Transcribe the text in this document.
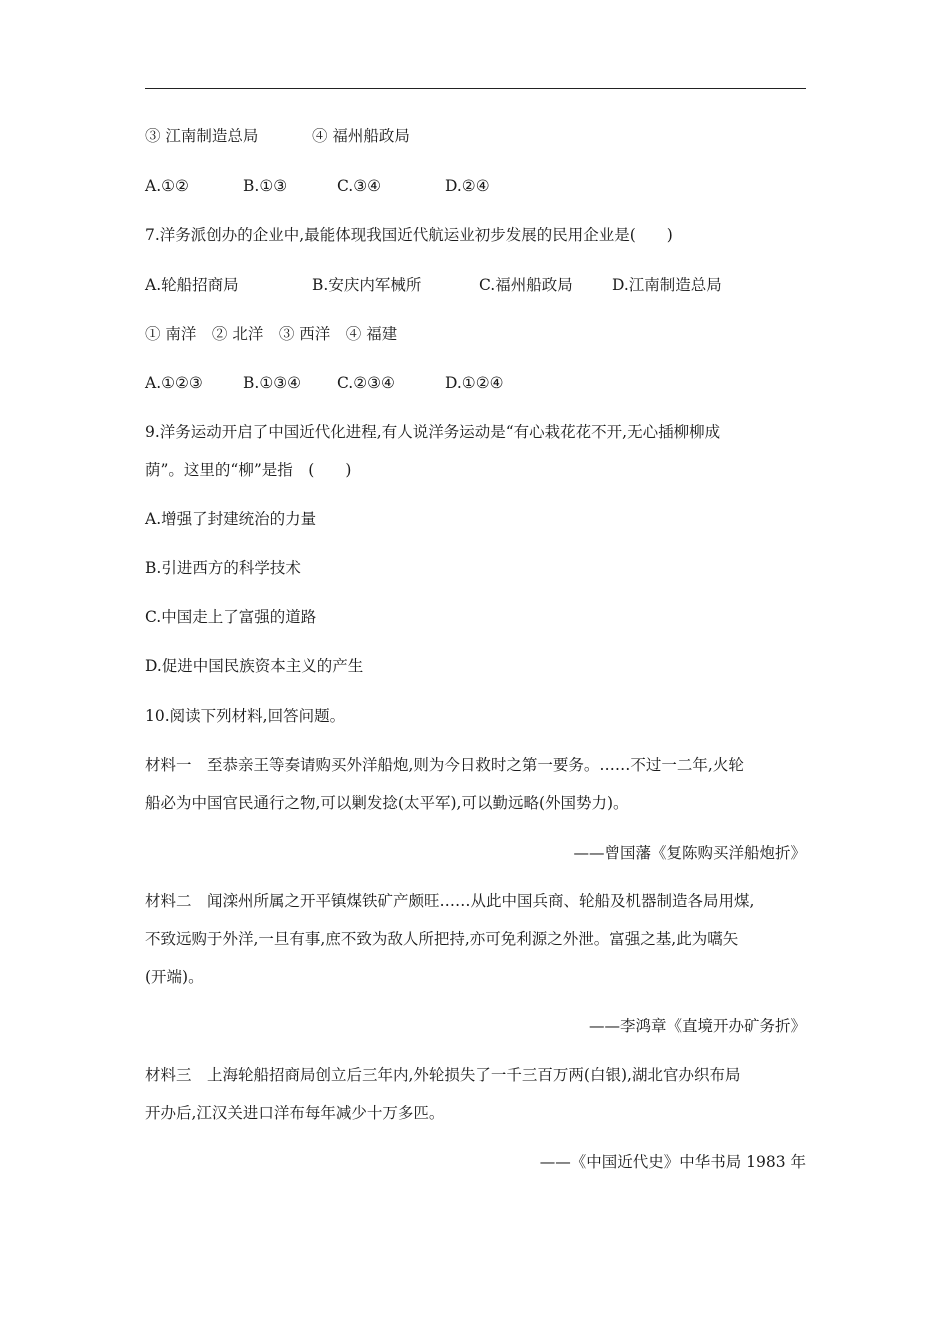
③ 江南制造总局	④ 福州船政局
A.①②	B.①③	C.③④	D.②④
7.洋务派创办的企业中,最能体现我国近代航运业初步发展的民用企业是(　　)
A.轮船招商局	B.安庆内军械所	C.福州船政局	D.江南制造总局
① 南洋　② 北洋　③ 西洋　④ 福建
A.①②③	B.①③④ C.②③④	D.①②④
9.洋务运动开启了中国近代化进程,有人说洋务运动是“有心栽花花不开,无心插柳柳成
荫”。这里的“柳”是指　(　　)
A.增强了封建统治的力量
B.引进西方的科学技术
C.中国走上了富强的道路
D.促进中国民族资本主义的产生
10.阅读下列材料,回答问题。
材料一　至恭亲王等奏请购买外洋船炮,则为今日救时之第一要务。……不过一二年,火轮
船必为中国官民通行之物,可以剿发捻(太平军),可以勤远略(外国势力)。
——曾国藩《复陈购买洋船炮折》
材料二　闻滦州所属之开平镇煤铁矿产颇旺……从此中国兵商、轮船及机器制造各局用煤,
不致远购于外洋,一旦有事,庶不致为敌人所把持,亦可免利源之外泄。富强之基,此为嚆矢
(开端)。
——李鸿章《直境开办矿务折》
材料三　上海轮船招商局创立后三年内,外轮损失了一千三百万两(白银),湖北官办织布局
开办后,江汉关进口洋布每年减少十万多匹。
——《中国近代史》中华书局 1983 年
